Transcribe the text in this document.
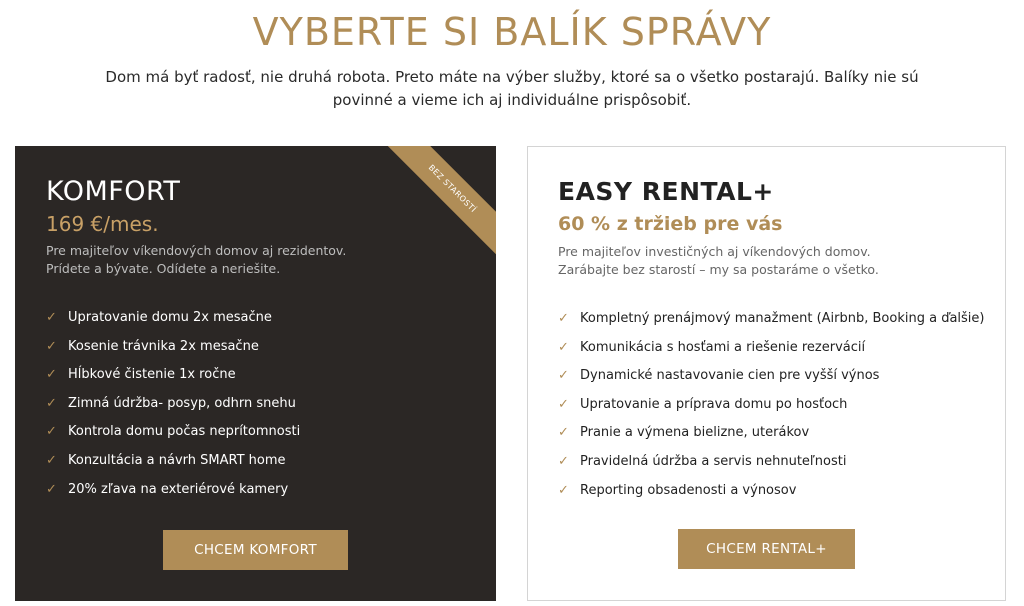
VYBERTE SI BALÍK SPRÁVY

Dom má byť radosť, nie druhá robota. Preto máte na výber služby, ktoré sa o všetko postarajú. Balíky nie sú
povinné a vieme ich aj individuálne prispôsobiť.

BEZ STAROSTÍ
KOMFORT

169 €/mes.

Pre majiteľov víkendových domov aj rezidentov.
Prídete a bývate. Odídete a neriešite.

✓ Upratovanie domu 2x mesačne
✓ Kosenie trávnika 2x mesačne
✓ Hĺbkové čistenie 1x ročne
✓ Zimná údržba- posyp, odhrn snehu
✓ Kontrola domu počas neprítomnosti
✓ Konzultácia a návrh SMART home
✓ 20% zľava na exteriérové kamery
CHCEM KOMFORT
EASY RENTAL+

60 % z tržieb pre vás

Pre majiteľov investičných aj víkendových domov.
Zarábajte bez starostí – my sa postaráme o všetko.

✓ Kompletný prenájmový manažment (Airbnb, Booking a ďalšie)
✓ Komunikácia s hosťami a riešenie rezervácií
✓ Dynamické nastavovanie cien pre vyšší výnos
✓ Upratovanie a príprava domu po hosťoch
✓ Pranie a výmena bielizne, uterákov
✓ Pravidelná údržba a servis nehnuteľnosti
✓ Reporting obsadenosti a výnosov
CHCEM RENTAL+
